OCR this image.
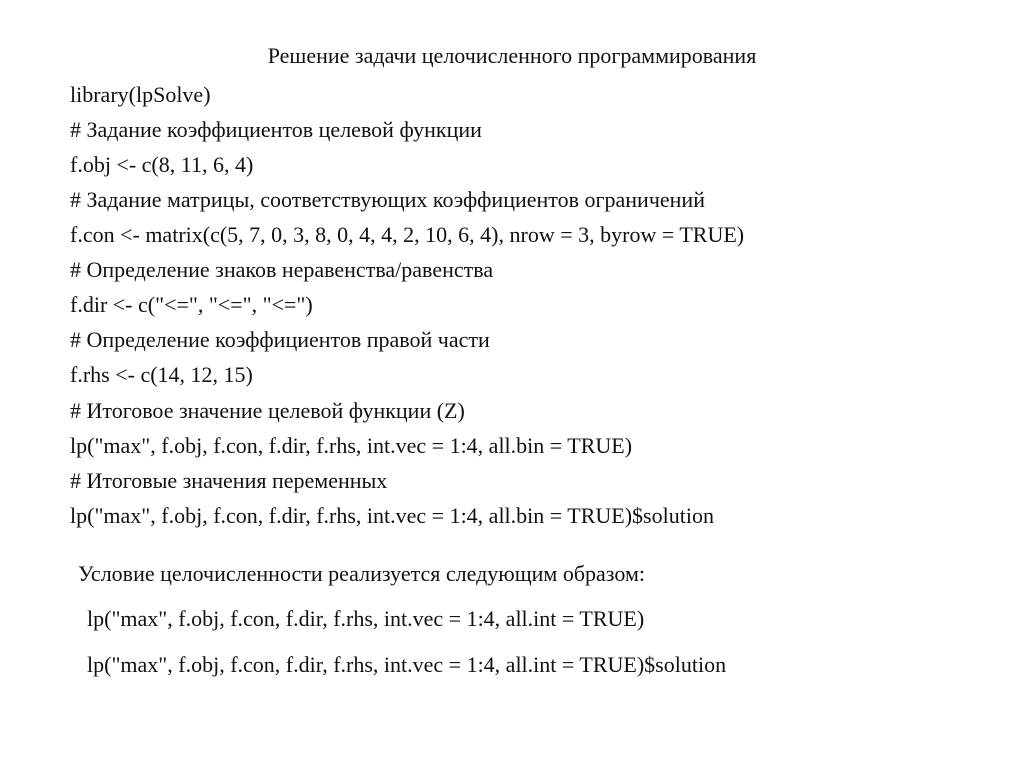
Решение задачи целочисленного программирования
library(lpSolve)
# Задание коэффициентов целевой функции
f.obj <- c(8, 11, 6, 4)
# Задание матрицы, соответствующих коэффициентов ограничений
f.con <- matrix(c(5, 7, 0, 3, 8, 0, 4, 4, 2, 10, 6, 4), nrow = 3, byrow = TRUE)
# Определение знаков неравенства/равенства
f.dir <- c("<=", "<=", "<=")
# Определение коэффициентов правой части
f.rhs <- c(14, 12, 15)
# Итоговое значение целевой функции (Z)
lp("max", f.obj, f.con, f.dir, f.rhs, int.vec = 1:4, all.bin = TRUE)
# Итоговые значения переменных
lp("max", f.obj, f.con, f.dir, f.rhs, int.vec = 1:4, all.bin = TRUE)$solution
Условие целочисленности реализуется следующим образом:
lp("max", f.obj, f.con, f.dir, f.rhs, int.vec = 1:4, all.int = TRUE)
lp("max", f.obj, f.con, f.dir, f.rhs, int.vec = 1:4, all.int = TRUE)$solution
